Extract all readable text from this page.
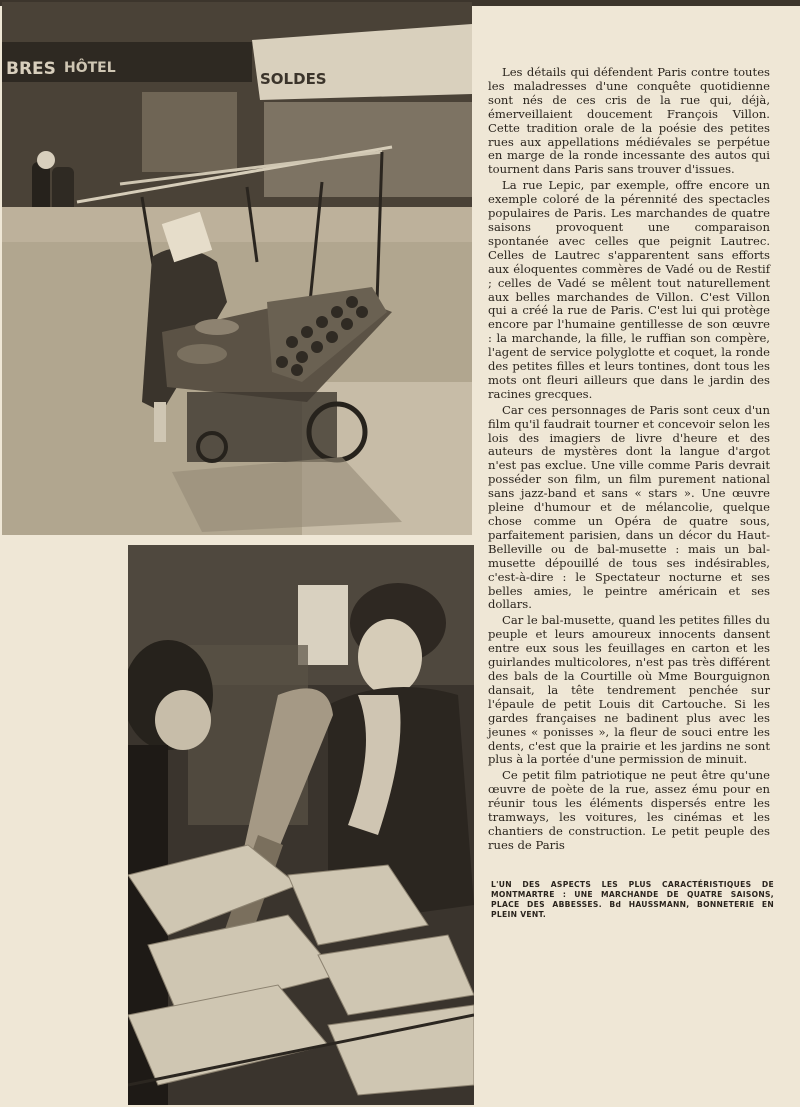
BRES HÔTEL
SOLDES	Les détails qui défendent Paris contre toutes les maladresses d'une conquête quotidienne sont nés de ces cris de la rue qui, déjà, émerveillaient doucement François Villon. Cette tradition orale de la poésie des petites rues aux appellations médiévales se perpétue en marge de la ronde incessante des autos qui tournent dans Paris sans trouver d'issues.

La rue Lepic, par exemple, offre encore un exemple coloré de la pérennité des spectacles populaires de Paris. Les marchandes de quatre saisons provoquent une comparaison spontanée avec celles que peignit Lautrec. Celles de Lautrec s'apparentent sans efforts aux éloquentes commères de Vadé ou de Restif ; celles de Vadé se mêlent tout naturellement aux belles marchandes de Villon. C'est Villon qui a créé la rue de Paris. C'est lui qui protège encore par l'humaine gentillesse de son œuvre : la marchande, la fille, le ruffian son compère, l'agent de service polyglotte et coquet, la ronde des petites filles et leurs tontines, dont tous les mots ont fleuri ailleurs que dans le jardin des racines grecques.

Car ces personnages de Paris sont ceux d'un film qu'il faudrait tourner et concevoir selon les lois des imagiers de livre d'heure et des auteurs de mystères dont la langue d'argot n'est pas exclue. Une ville comme Paris devrait posséder son film, un film purement national sans jazz-band et sans « stars ». Une œuvre pleine d'humour et de mélancolie, quelque chose comme un Opéra de quatre sous, parfaitement parisien, dans un décor du Haut-Belleville ou de bal-musette : mais un bal-musette dépouillé de tous ses indésirables, c'est-à-dire : le Spectateur nocturne et ses belles amies, le peintre américain et ses dollars.

Car le bal-musette, quand les petites filles du peuple et leurs amoureux innocents dansent entre eux sous les feuillages en carton et les guirlandes multicolores, n'est pas très différent des bals de la Courtille où Mme Bourguignon dansait, la tête tendrement penchée sur l'épaule de petit Louis dit Cartouche. Si les gardes françaises ne badinent plus avec les jeunes « ponisses », la fleur de souci entre les dents, c'est que la prairie et les jardins ne sont plus à la portée d'une permission de minuit.

Ce petit film patriotique ne peut être qu'une œuvre de poète de la rue, assez ému pour en réunir tous les éléments dispersés entre les tramways, les voitures, les cinémas et les chantiers de construction. Le petit peuple des rues de Paris

L'UN DES ASPECTS LES PLUS CARACTÉRISTIQUES DE MONTMARTRE : UNE MARCHANDE DE QUATRE SAISONS, PLACE DES ABBESSES. Bd HAUSSMANN, BONNETERIE EN PLEIN VENT.
